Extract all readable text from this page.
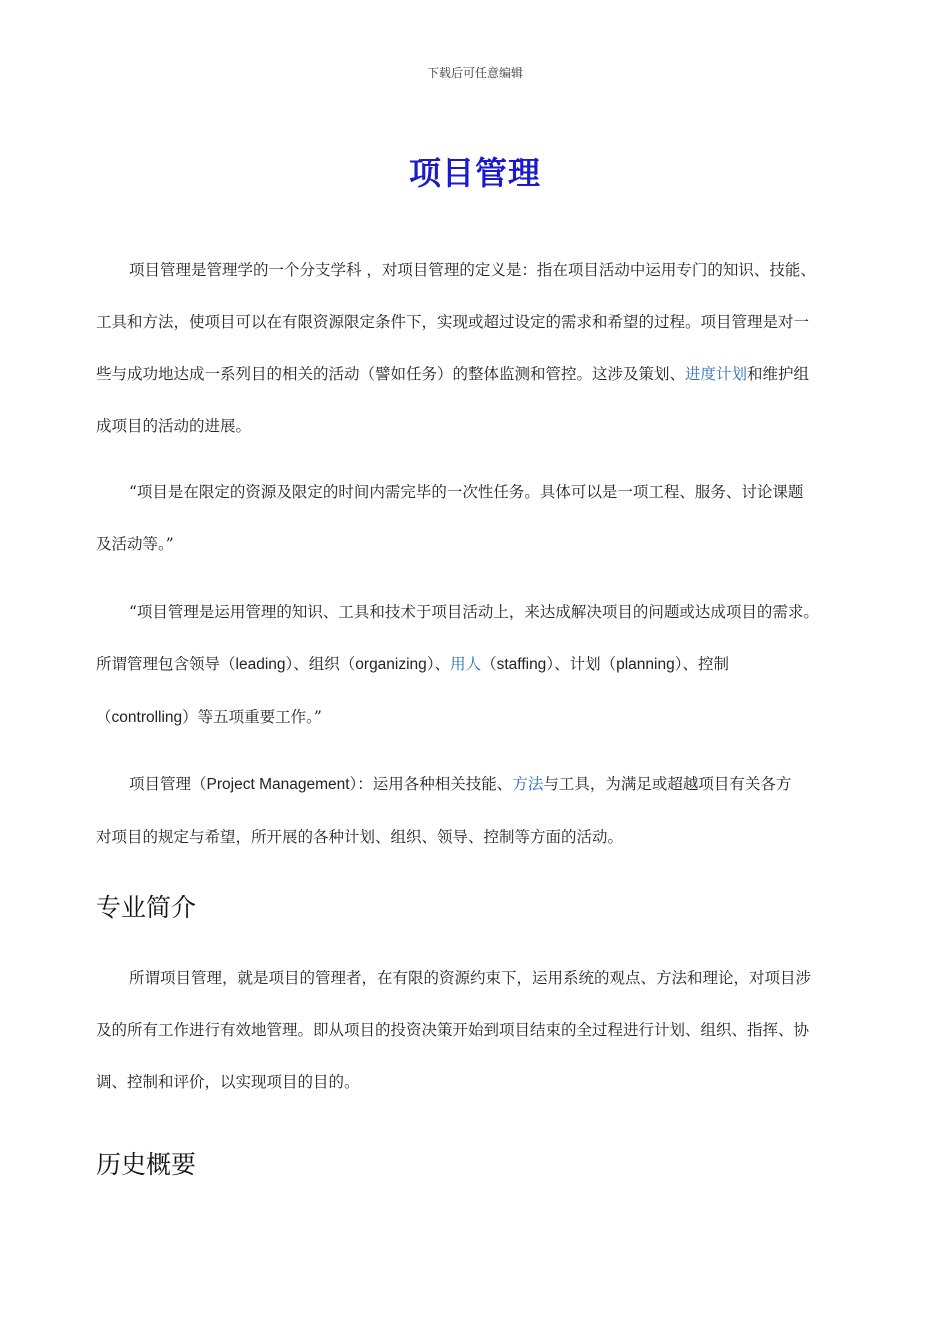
下载后可任意编辑
项目管理

项目管理是管理学的一个分支学科 ，对项目管理的定义是：指在项目活动中运用专门的知识、技能、
工具和方法，使项目可以在有限资源限定条件下，实现或超过设定的需求和希望的过程。项目管理是对一
些与成功地达成一系列目的相关的活动（譬如任务）的整体监测和管控。这涉及策划、进度计划和维护组
成项目的活动的进展。

“项目是在限定的资源及限定的时间内需完毕的一次性任务。具体可以是一项工程、服务、讨论课题
及活动等。”

“项目管理是运用管理的知识、工具和技术于项目活动上，来达成解决项目的问题或达成项目的需求。
所谓管理包含领导（leading）、组织（organizing）、用人（staffing）、计划（planning）、控制
（controlling）等五项重要工作。”

项目管理（Project Management）：运用各种相关技能、方法与工具，为满足或超越项目有关各方
对项目的规定与希望，所开展的各种计划、组织、领导、控制等方面的活动。

专业简介

所谓项目管理，就是项目的管理者，在有限的资源约束下，运用系统的观点、方法和理论，对项目涉
及的所有工作进行有效地管理。即从项目的投资决策开始到项目结束的全过程进行计划、组织、指挥、协
调、控制和评价，以实现项目的目的。

历史概要
